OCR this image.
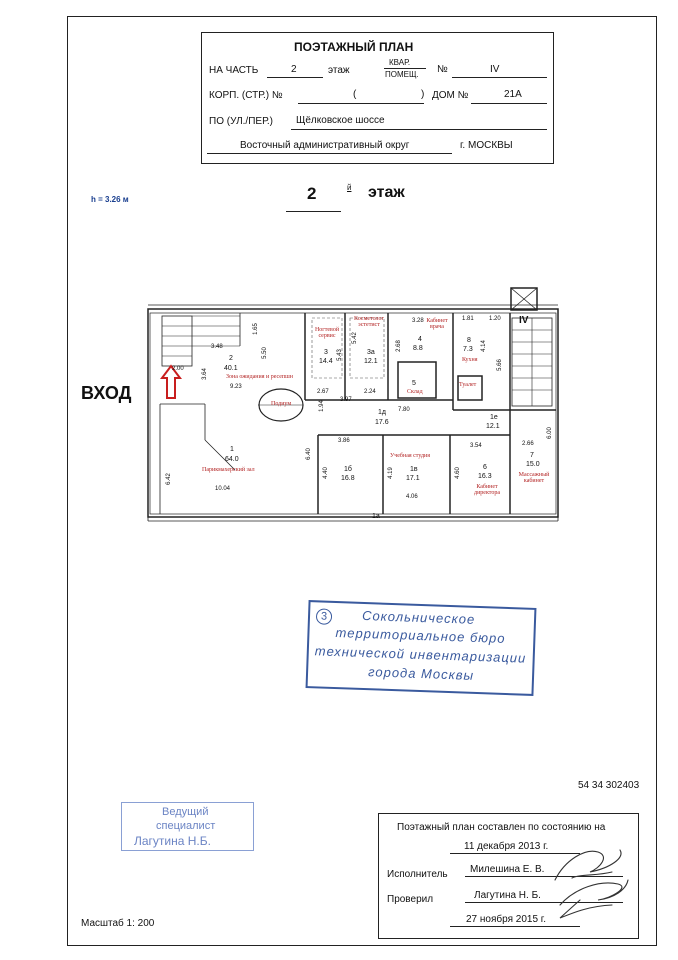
ПОЭТАЖНЫЙ ПЛАН
НА ЧАСТЬ	2	этаж
КВАР.
ПОМЕЩ. №	IV
КОРП. (СТР.) №	(	) ДОМ №	21А
ПО (УЛ./ПЕР.) Щёлковское шоссе
Восточный административный округ	г. МОСКВЫ
h = 3.26 м	2	й этаж
ВХОД
IV
1
64.0
Парикмахерский зал
2
40.1
Зона ожидания и ресепшн
Ногтевой сервис
3
14.4
Косметолог эстетист
3а
12.1
Кабинет врача
4
8.8
5
Склад
8
7.3
Кухня
1д
17.6
1е
12.1
1б
16.8
Учебная студия
1в
17.1
6
16.3
Кабинет директора
7
15.0
Массажный кабинет
Подиум
Туалет
1а
3.48
1.65
5.50
3.64
9.23
2.00
2.67
5.43
2.24
5.42
3.28
2.68
1.81	1.20
4.14
5.66
3.97
1.94	7.80
3.86
6.40
6.42
10.04
4.40	4.19
4.06
4.60
3.54	2.66
6.00
3	Сокольническое
территориальное бюро
технической инвентаризации
города Москвы
54 34 302403
Ведущий
специалист
Лагутина Н.Б.
Масштаб 1: 200
Поэтажный план составлен по состоянию на
11 декабря 2013 г.
Исполнитель Милешина Е. В.
Проверил	Лагутина Н. Б.
27 ноября 2015 г.
